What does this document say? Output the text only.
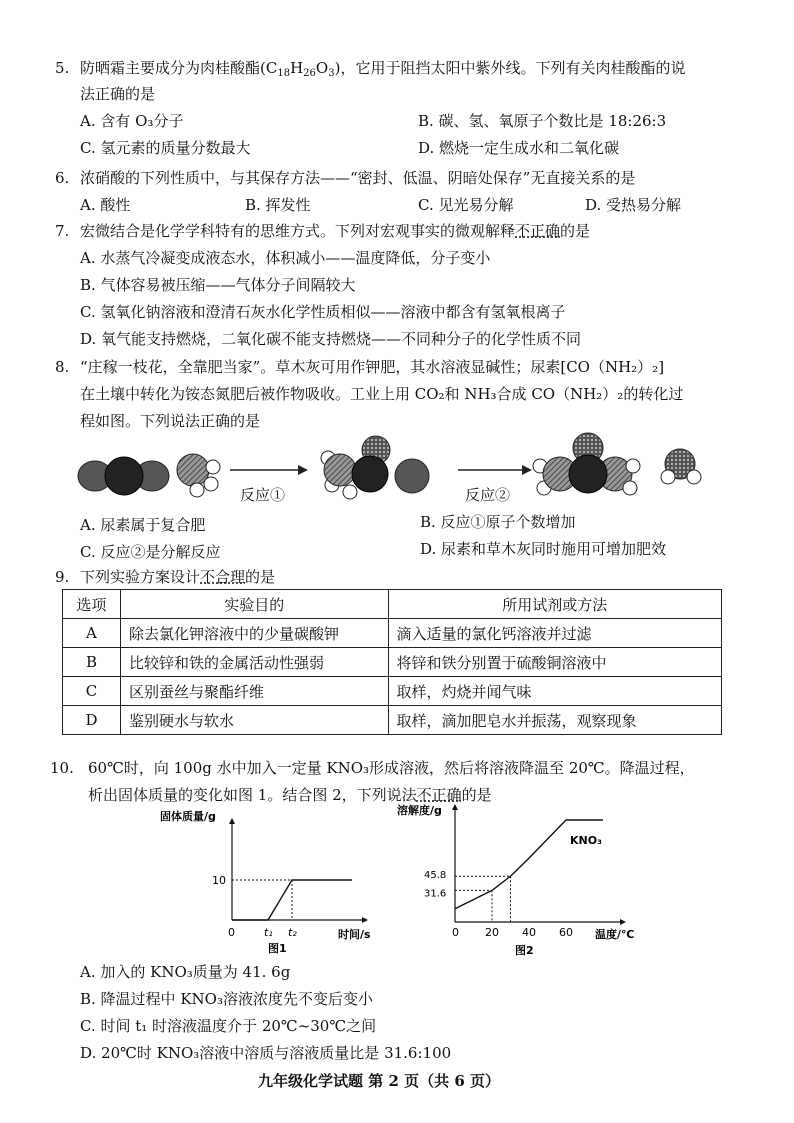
5. 防晒霜主要成分为肉桂酸酯$(C_{18}H_{26}O_3)$，它用于阻挡太阳中紫外线。下列有关肉桂酸酯的说
法正确的是
A. 含有 O₃分子	B. 碳、氢、氧原子个数比是 18:26:3
C. 氢元素的质量分数最大	D. 燃烧一定生成水和二氧化碳
6. 浓硝酸的下列性质中，与其保存方法——“密封、低温、阴暗处保存”无直接关系的是
A. 酸性	B. 挥发性	C. 见光易分解	D. 受热易分解
7. 宏微结合是化学学科特有的思维方式。下列对宏观事实的微观解释不正确的是
A. 水蒸气冷凝变成液态水，体积减小——温度降低，分子变小
B. 气体容易被压缩——气体分子间隔较大
C. 氢氧化钠溶液和澄清石灰水化学性质相似——溶液中都含有氢氧根离子
D. 氧气能支持燃烧，二氧化碳不能支持燃烧——不同种分子的化学性质不同
8. “庄稼一枝花，全靠肥当家”。草木灰可用作钾肥，其水溶液显碱性；尿素[CO（NH₂）₂]
在土壤中转化为铵态氮肥后被作物吸收。工业上用 CO₂和 NH₃合成 CO（NH₂）₂的转化过
程如图。下列说法正确的是
反应①	反应②
A. 尿素属于复合肥	B. 反应①原子个数增加
C. 反应②是分解反应	D. 尿素和草木灰同时施用可增加肥效
9. 下列实验方案设计不合理的是
选项	实验目的	所用试剂或方法
A	除去氯化钾溶液中的少量碳酸钾	滴入适量的氯化钙溶液并过滤
B	比较锌和铁的金属活动性强弱	将锌和铁分别置于硫酸铜溶液中
C	区别蚕丝与聚酯纤维	取样，灼烧并闻气味
D	鉴别硬水与软水	取样，滴加肥皂水并振荡，观察现象
10. 60℃时，向 100g 水中加入一定量 KNO₃形成溶液，然后将溶液降温至 20℃。降温过程，
析出固体质量的变化如图 1。结合图 2，下列说法不正确的是
固体质量/g
时间/s
图1
0	t₁ t₂
10
溶解度/g
温度/℃
图2
0 20 40 60
31.6
45.8
KNO₃
A. 加入的 KNO₃质量为 41. 6g
B. 降温过程中 KNO₃溶液浓度先不变后变小
C. 时间 t₁ 时溶液温度介于 20℃~30℃之间
D. 20℃时 KNO₃溶液中溶质与溶液质量比是 31.6:100
九年级化学试题 第 2 页（共 6 页）
